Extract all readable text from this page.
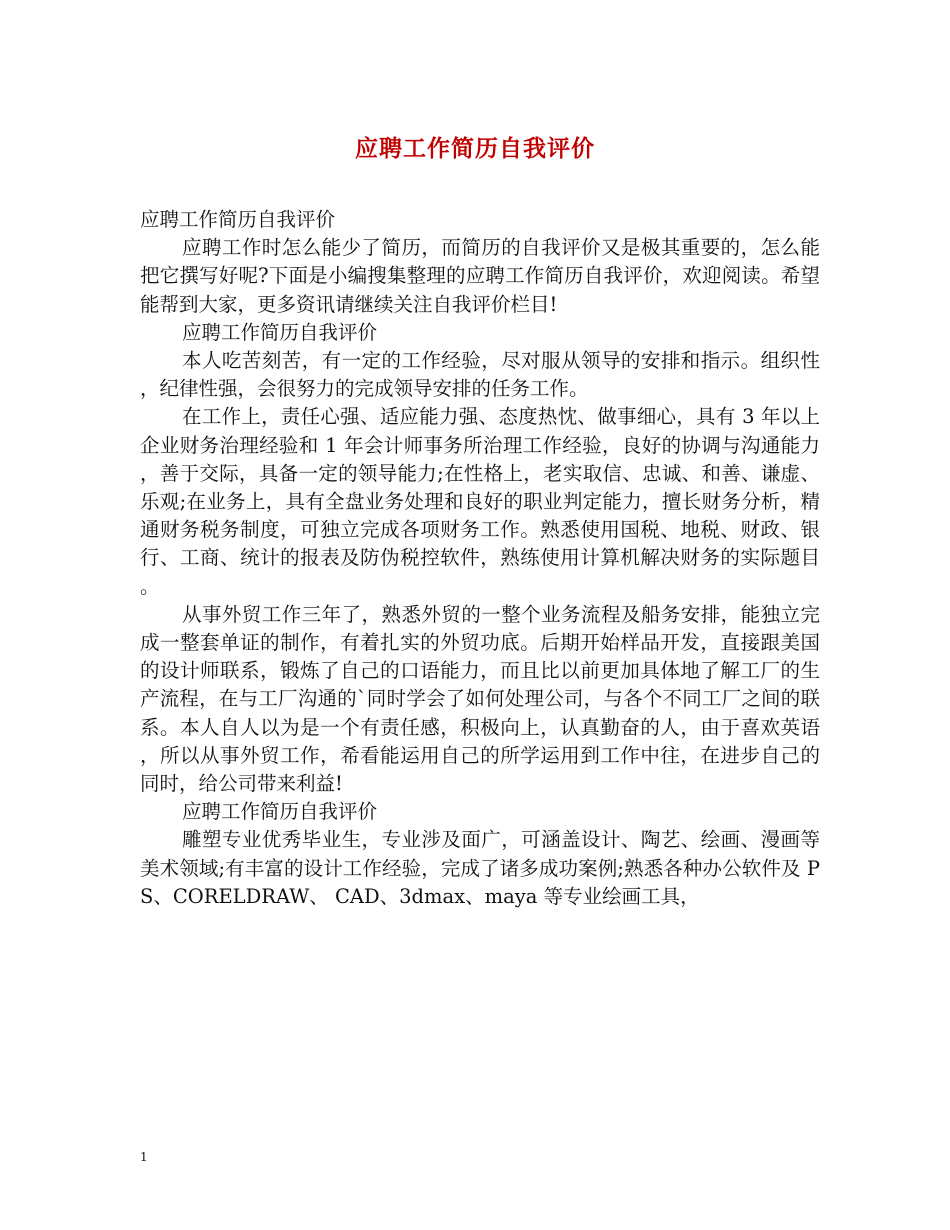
应聘工作简历自我评价

应聘工作简历自我评价

应聘工作时怎么能少了简历，而简历的自我评价又是极其重要的，怎么能把它撰写好呢?下面是小编搜集整理的应聘工作简历自我评价，欢迎阅读。希望能帮到大家，更多资讯请继续关注自我评价栏目!

应聘工作简历自我评价

本人吃苦刻苦，有一定的工作经验，尽对服从领导的安排和指示。组织性，纪律性强，会很努力的完成领导安排的任务工作。

在工作上，责任心强、适应能力强、态度热忱、做事细心，具有 3 年以上企业财务治理经验和 1 年会计师事务所治理工作经验，良好的协调与沟通能力，善于交际，具备一定的领导能力;在性格上，老实取信、忠诚、和善、谦虚、乐观;在业务上，具有全盘业务处理和良好的职业判定能力，擅长财务分析，精通财务税务制度，可独立完成各项财务工作。熟悉使用国税、地税、财政、银行、工商、统计的报表及防伪税控软件，熟练使用计算机解决财务的实际题目。

从事外贸工作三年了，熟悉外贸的一整个业务流程及船务安排，能独立完成一整套单证的制作，有着扎实的外贸功底。后期开始样品开发，直接跟美国的设计师联系，锻炼了自己的口语能力，而且比以前更加具体地了解工厂的生产流程，在与工厂沟通的`同时学会了如何处理公司，与各个不同工厂之间的联系。本人自人以为是一个有责任感，积极向上，认真勤奋的人，由于喜欢英语，所以从事外贸工作，希看能运用自己的所学运用到工作中往，在进步自己的同时，给公司带来利益!

应聘工作简历自我评价

雕塑专业优秀毕业生，专业涉及面广，可涵盖设计、陶艺、绘画、漫画等美术领域;有丰富的设计工作经验，完成了诸多成功案例;熟悉各种办公软件及 PS、CORELDRAW、 CAD、3dmax、maya 等专业绘画工具，

1
